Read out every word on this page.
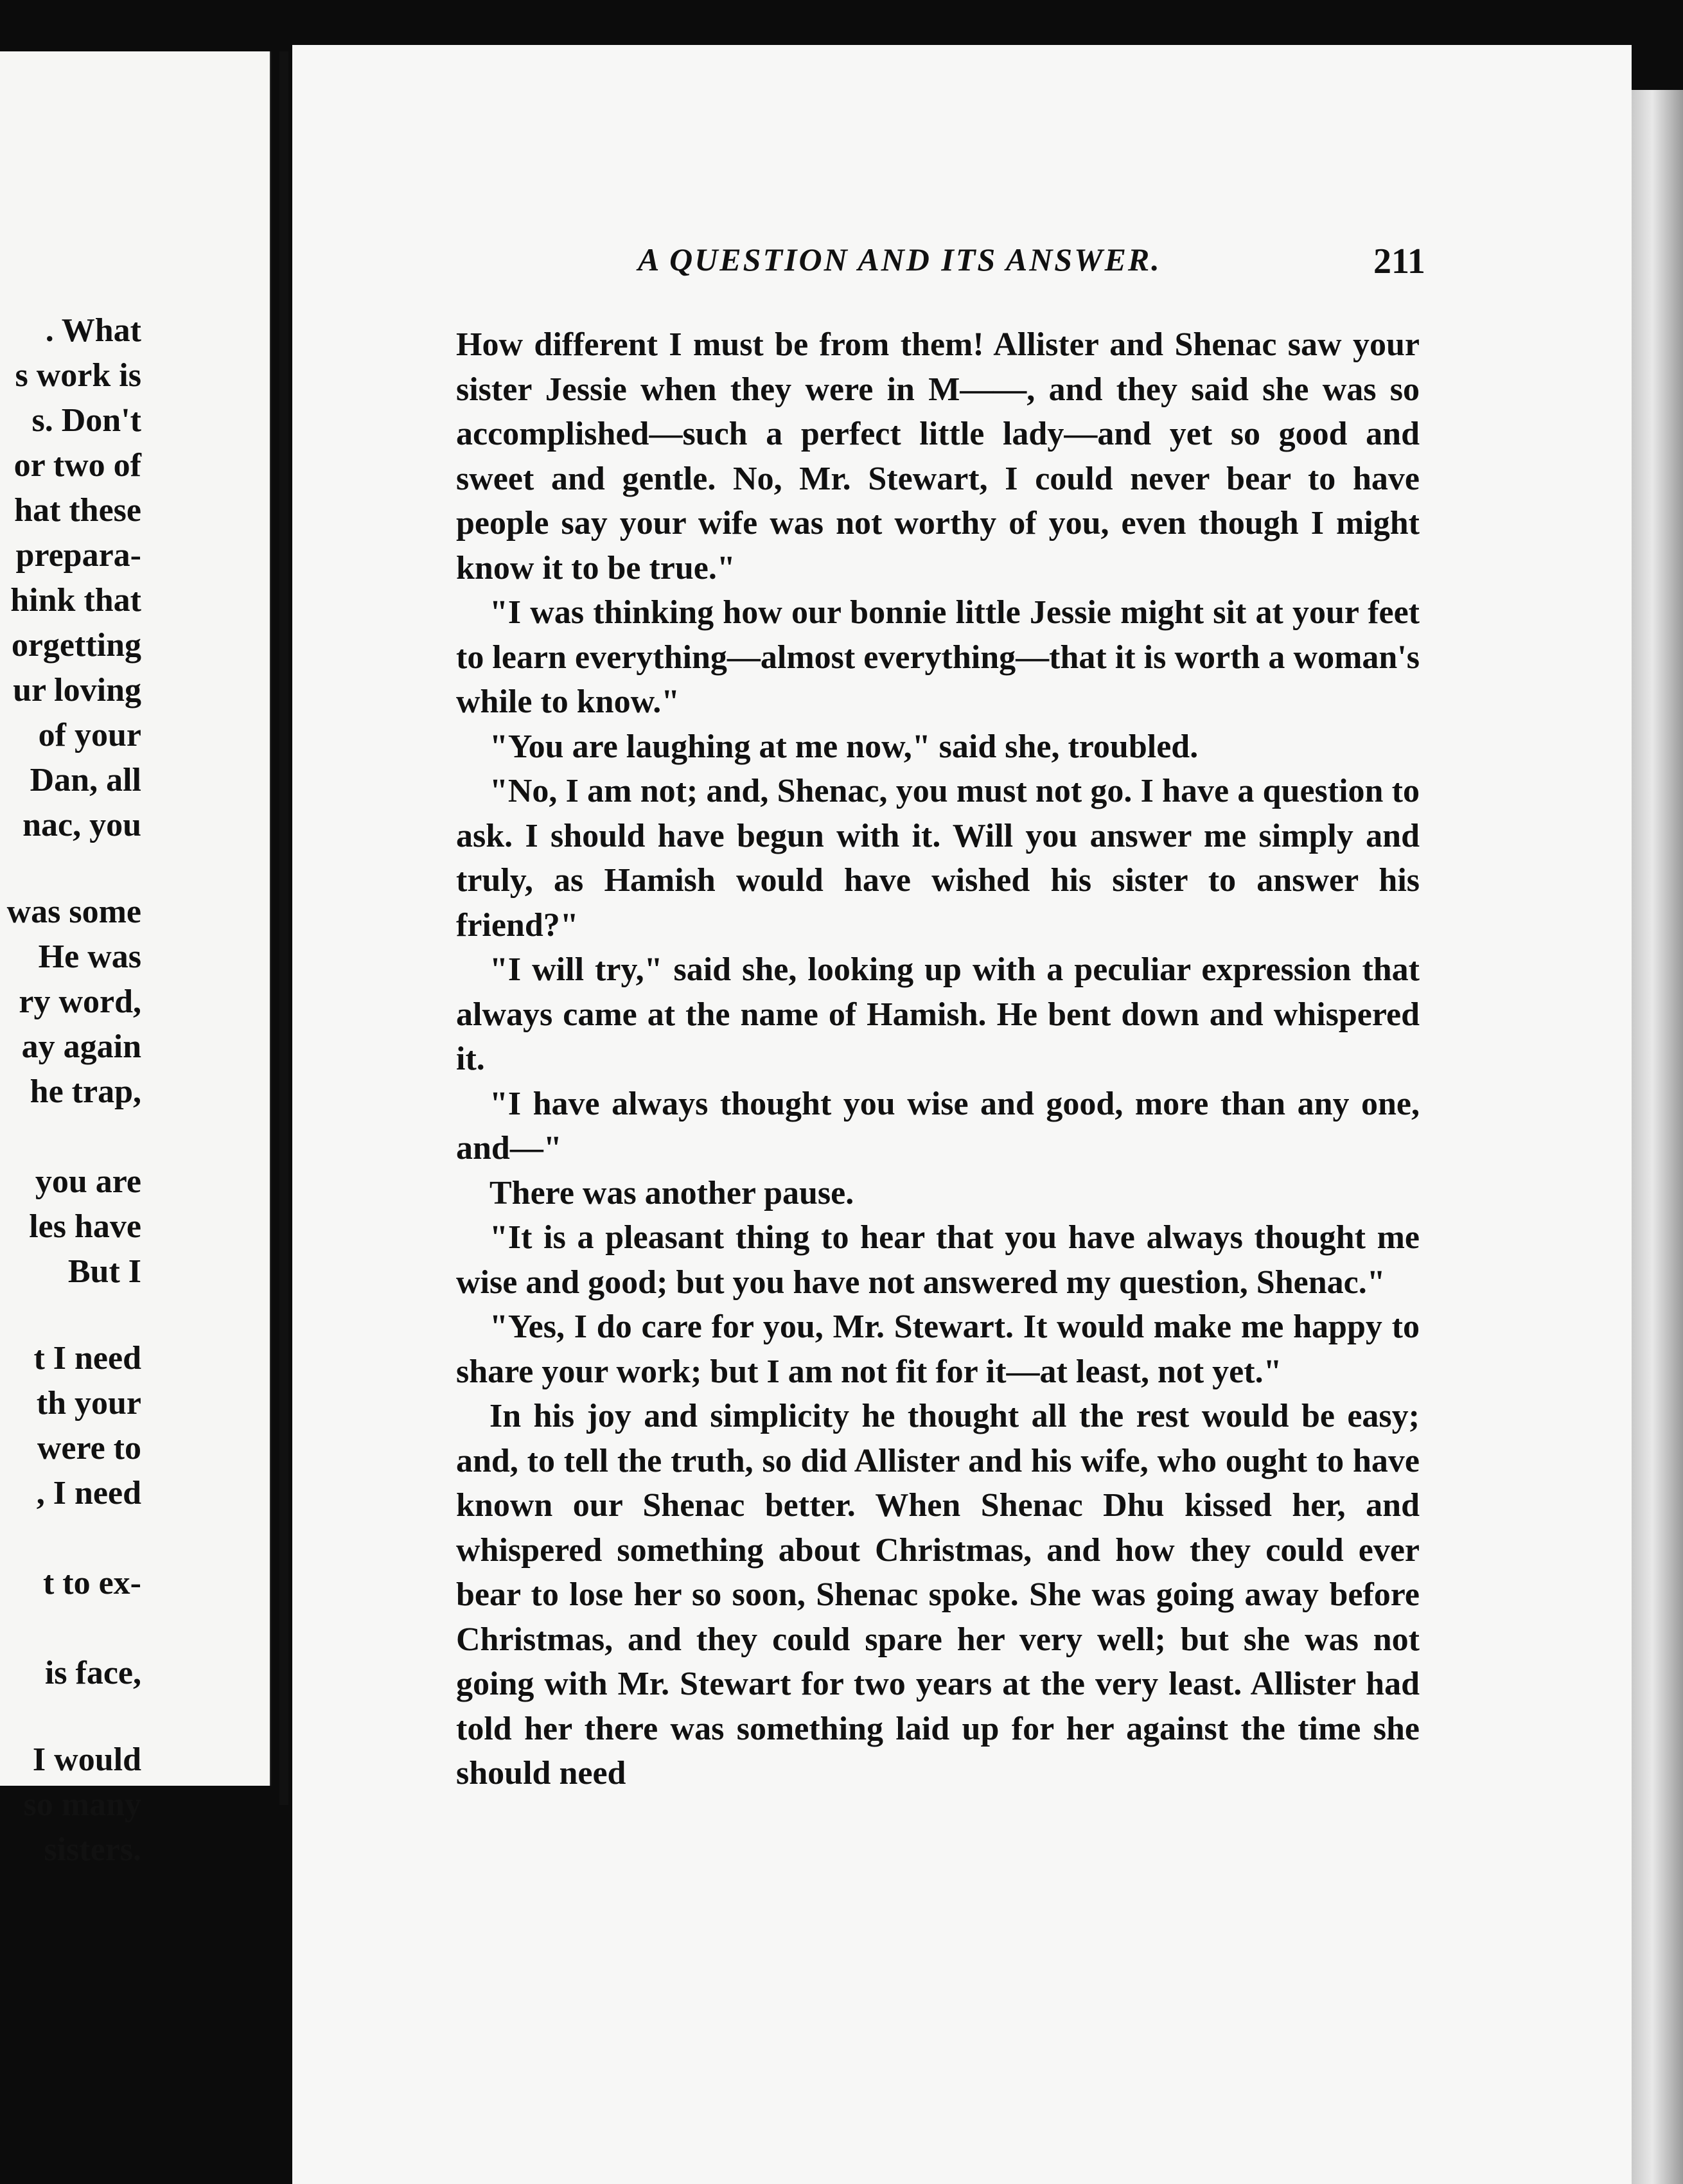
. What
s work is
s. Don't
or two of
hat these
prepara-
hink that
orgetting
ur loving
of your
Dan, all
nac, you
was some
He was
ry word,
ay again
he trap,
you are
les have
But I
t I need
th your
were to
, I need
t to ex-
is face,
I would
so many
sisters.
A QUESTION AND ITS ANSWER.	211

How different I must be from them! Allister and Shenac saw your sister Jessie when they were in M——, and they said she was so accomplished—such a perfect little lady—and yet so good and sweet and gentle. No, Mr. Stewart, I could never bear to have people say your wife was not worthy of you, even though I might know it to be true."

"I was thinking how our bonnie little Jessie might sit at your feet to learn everything—almost everything—that it is worth a woman's while to know."

"You are laughing at me now," said she, troubled.

"No, I am not; and, Shenac, you must not go. I have a question to ask. I should have begun with it. Will you answer me simply and truly, as Hamish would have wished his sister to answer his friend?"

"I will try," said she, looking up with a peculiar expression that always came at the name of Hamish. He bent down and whispered it.

"I have always thought you wise and good, more than any one, and—"

There was another pause.

"It is a pleasant thing to hear that you have always thought me wise and good; but you have not answered my question, Shenac."

"Yes, I do care for you, Mr. Stewart. It would make me happy to share your work; but I am not fit for it—at least, not yet."

In his joy and simplicity he thought all the rest would be easy; and, to tell the truth, so did Allister and his wife, who ought to have known our Shenac better. When Shenac Dhu kissed her, and whispered something about Christmas, and how they could ever bear to lose her so soon, Shenac spoke. She was going away before Christmas, and they could spare her very well; but she was not going with Mr. Stewart for two years at the very least. Allister had told her there was something laid up for her against the time she should need
